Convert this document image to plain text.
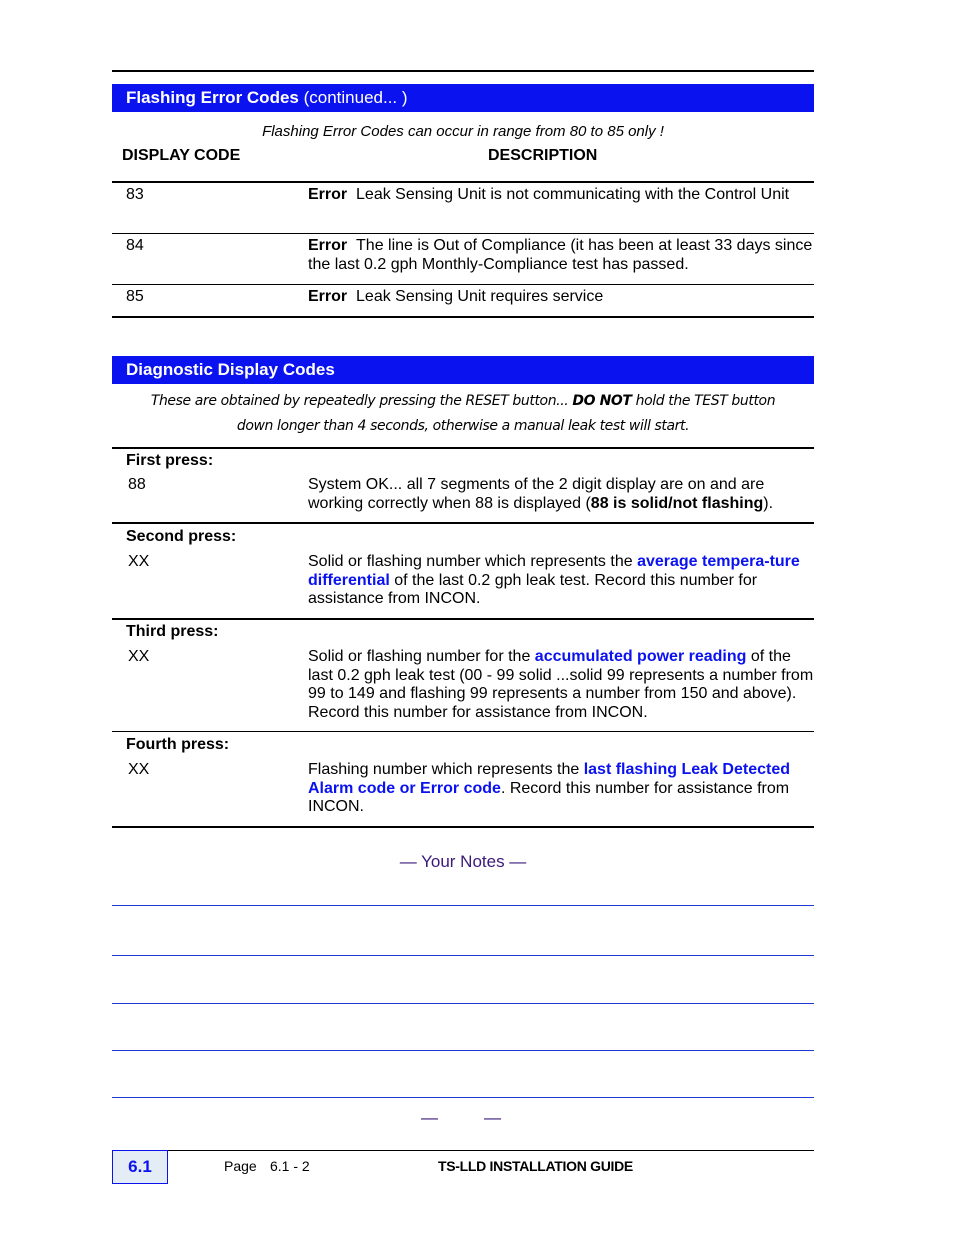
Flashing Error Codes (continued... )
Flashing Error Codes can occur in range from 80 to 85 only !
DISPLAY CODE	DESCRIPTION
83	Error Leak Sensing Unit is not communicating with the Control Unit
84	Error The line is Out of Compliance (it has been at least 33 days since the last 0.2 gph Monthly-Compliance test has passed.
85	Error Leak Sensing Unit requires service
Diagnostic Display Codes
These are obtained by repeatedly pressing the RESET button... DO NOT hold the TEST button
down longer than 4 seconds, otherwise a manual leak test will start.
First press:
88	System OK... all 7 segments of the 2 digit display are on and are working correctly when 88 is displayed (88 is solid/not flashing).
Second press:
XX	Solid or flashing number which represents the average tempera-ture differential of the last 0.2 gph leak test. Record this number for assistance from INCON.
Third press:
XX	Solid or flashing number for the accumulated power reading of the last 0.2 gph leak test (00 - 99 solid ...solid 99 represents a number from 99 to 149 and flashing 99 represents a number from 150 and above). Record this number for assistance from INCON.
Fourth press:
XX	Flashing number which represents the last flashing Leak Detected Alarm code or Error code. Record this number for assistance from INCON.
— Your Notes —
—	—
6.1	Page 6.1 - 2	TS-LLD INSTALLATION GUIDE
